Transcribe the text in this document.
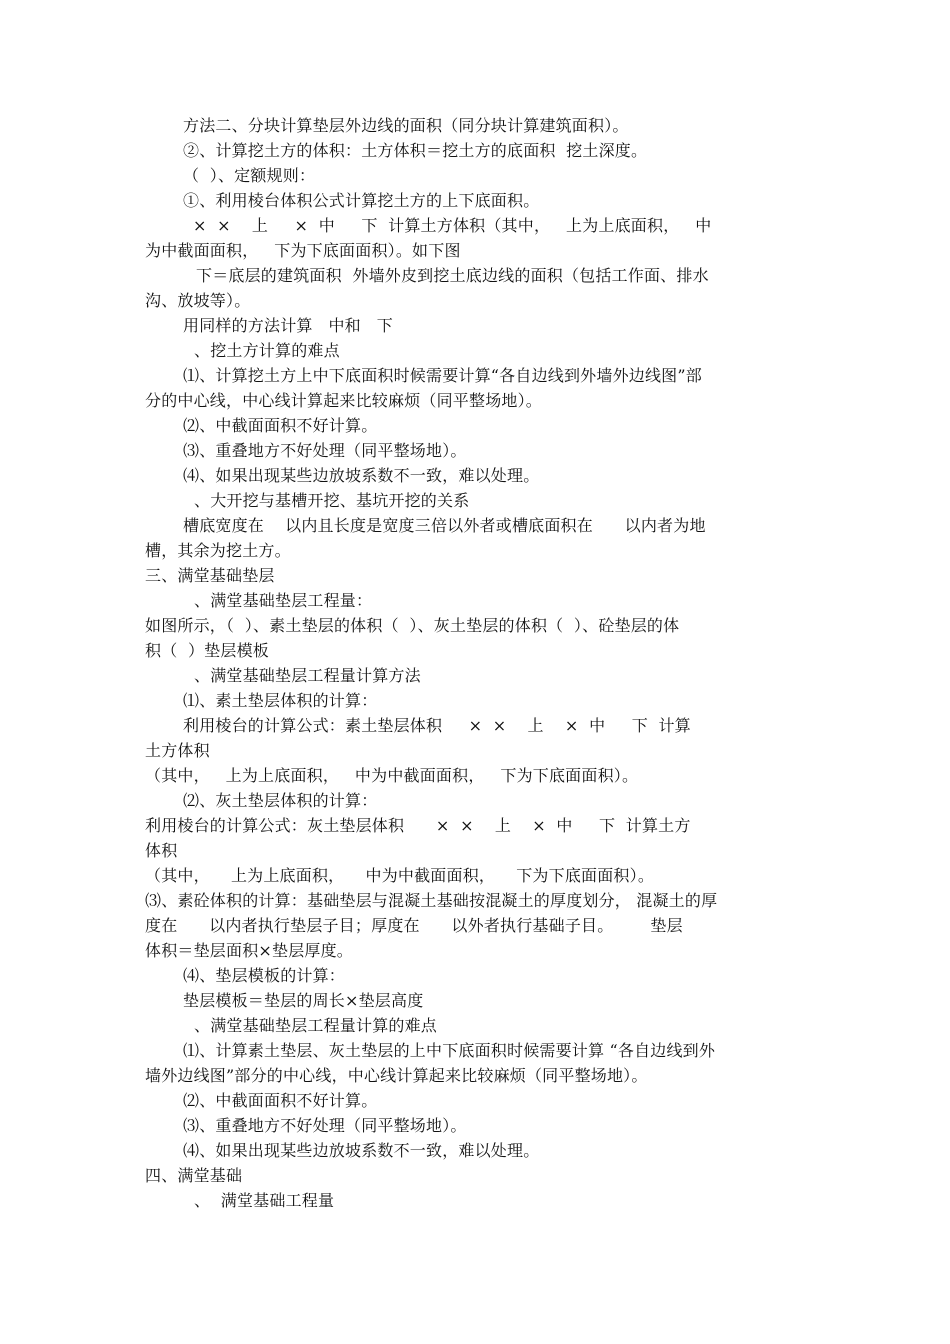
方法二、分块计算垫层外边线的面积（同分块计算建筑面积）。
②、计算挖土方的体积：土方体积＝挖土方的底面积  挖土深度。
（  ）、定额规则：
①、利用棱台体积公式计算挖土方的上下底面积。
×  ×    上     ×  中     下  计算土方体积（其中，   上为上底面积，   中
为中截面面积，   下为下底面面积）。如下图
下＝底层的建筑面积  外墙外皮到挖土底边线的面积（包括工作面、排水
沟、放坡等）。
用同样的方法计算   中和   下
、挖土方计算的难点
⑴、计算挖土方上中下底面积时候需要计算“各自边线到外墙外边线图”部
分的中心线，中心线计算起来比较麻烦（同平整场地）。
⑵、中截面面积不好计算。
⑶、重叠地方不好处理（同平整场地）。
⑷、如果出现某些边放坡系数不一致，难以处理。
、大开挖与基槽开挖、基坑开挖的关系
槽底宽度在    以内且长度是宽度三倍以外者或槽底面积在      以内者为地
槽，其余为挖土方。
三、满堂基础垫层
、满堂基础垫层工程量：
如图所示，（  ）、素土垫层的体积（  ）、灰土垫层的体积（  ）、砼垫层的体
积（  ）垫层模板
、满堂基础垫层工程量计算方法
⑴、素土垫层体积的计算：
利用棱台的计算公式：素土垫层体积     ×  ×    上    ×  中     下  计算
土方体积
（其中，   上为上底面积，   中为中截面面积，   下为下底面面积）。
⑵、灰土垫层体积的计算：
利用棱台的计算公式：灰土垫层体积      ×  ×    上    ×  中     下  计算土方
体积
（其中，    上为上底面积，    中为中截面面积，    下为下底面面积）。
⑶、素砼体积的计算：基础垫层与混凝土基础按混凝土的厚度划分， 混凝土的厚
度在      以内者执行垫层子目；厚度在      以外者执行基础子目。       垫层
体积＝垫层面积×垫层厚度。
⑷、垫层模板的计算：
垫层模板＝垫层的周长×垫层高度
、满堂基础垫层工程量计算的难点
⑴、计算素土垫层、灰土垫层的上中下底面积时候需要计算 “各自边线到外
墙外边线图”部分的中心线，中心线计算起来比较麻烦（同平整场地）。
⑵、中截面面积不好计算。
⑶、重叠地方不好处理（同平整场地）。
⑷、如果出现某些边放坡系数不一致，难以处理。
四、满堂基础
、  满堂基础工程量
